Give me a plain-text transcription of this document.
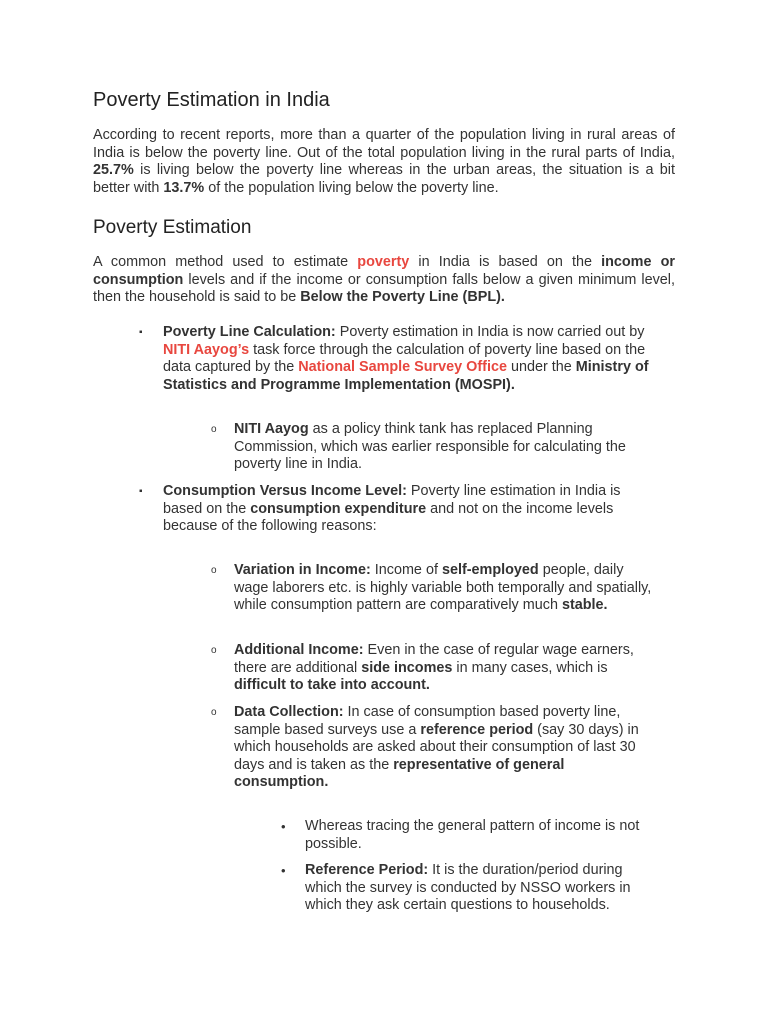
Poverty Estimation in India

According to recent reports, more than a quarter of the population living in rural areas of India is below the poverty line. Out of the total population living in the rural parts of India, 25.7% is living below the poverty line whereas in the urban areas, the situation is a bit better with 13.7% of the population living below the poverty line.

Poverty Estimation

A common method used to estimate poverty in India is based on the income or consumption levels and if the income or consumption falls below a given minimum level, then the household is said to be Below the Poverty Line (BPL).

▪ Poverty Line Calculation: Poverty estimation in India is now carried out by NITI Aayog’s task force through the calculation of poverty line based on the data captured by the National Sample Survey Office under the Ministry of Statistics and Programme Implementation (MOSPI).

o NITI Aayog as a policy think tank has replaced Planning Commission, which was earlier responsible for calculating the poverty line in India.

▪ Consumption Versus Income Level: Poverty line estimation in India is based on the consumption expenditure and not on the income levels because of the following reasons:

o Variation in Income: Income of self-employed people, daily wage laborers etc. is highly variable both temporally and spatially, while consumption pattern are comparatively much stable.

o Additional Income: Even in the case of regular wage earners, there are additional side incomes in many cases, which is difficult to take into account.

o Data Collection: In case of consumption based poverty line, sample based surveys use a reference period (say 30 days) in which households are asked about their consumption of last 30 days and is taken as the representative of general consumption.

• Whereas tracing the general pattern of income is not possible.

• Reference Period: It is the duration/period during which the survey is conducted by NSSO workers in which they ask certain questions to households.
